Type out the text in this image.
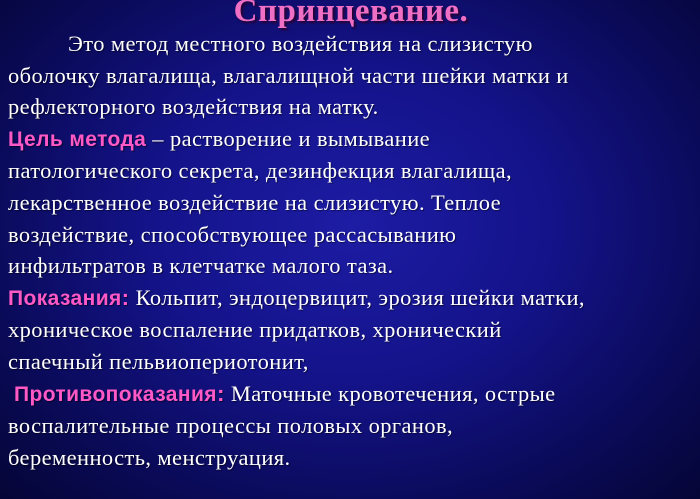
Спринцевание.
Это метод местного воздействия на слизистую
оболочку влагалища, влагалищной части шейки матки и
рефлекторного воздействия на матку.
Цель метода – растворение и вымывание
патологического секрета, дезинфекция влагалища,
лекарственное воздействие на слизистую. Теплое
воздействие, способствующее рассасыванию
инфильтратов в клетчатке малого таза.
Показания: Кольпит, эндоцервицит, эрозия шейки матки,
хроническое воспаление придатков, хронический
спаечный пельвиопериотонит,
Противопоказания: Маточные кровотечения, острые
воспалительные процессы половых органов,
беременность, менструация.
